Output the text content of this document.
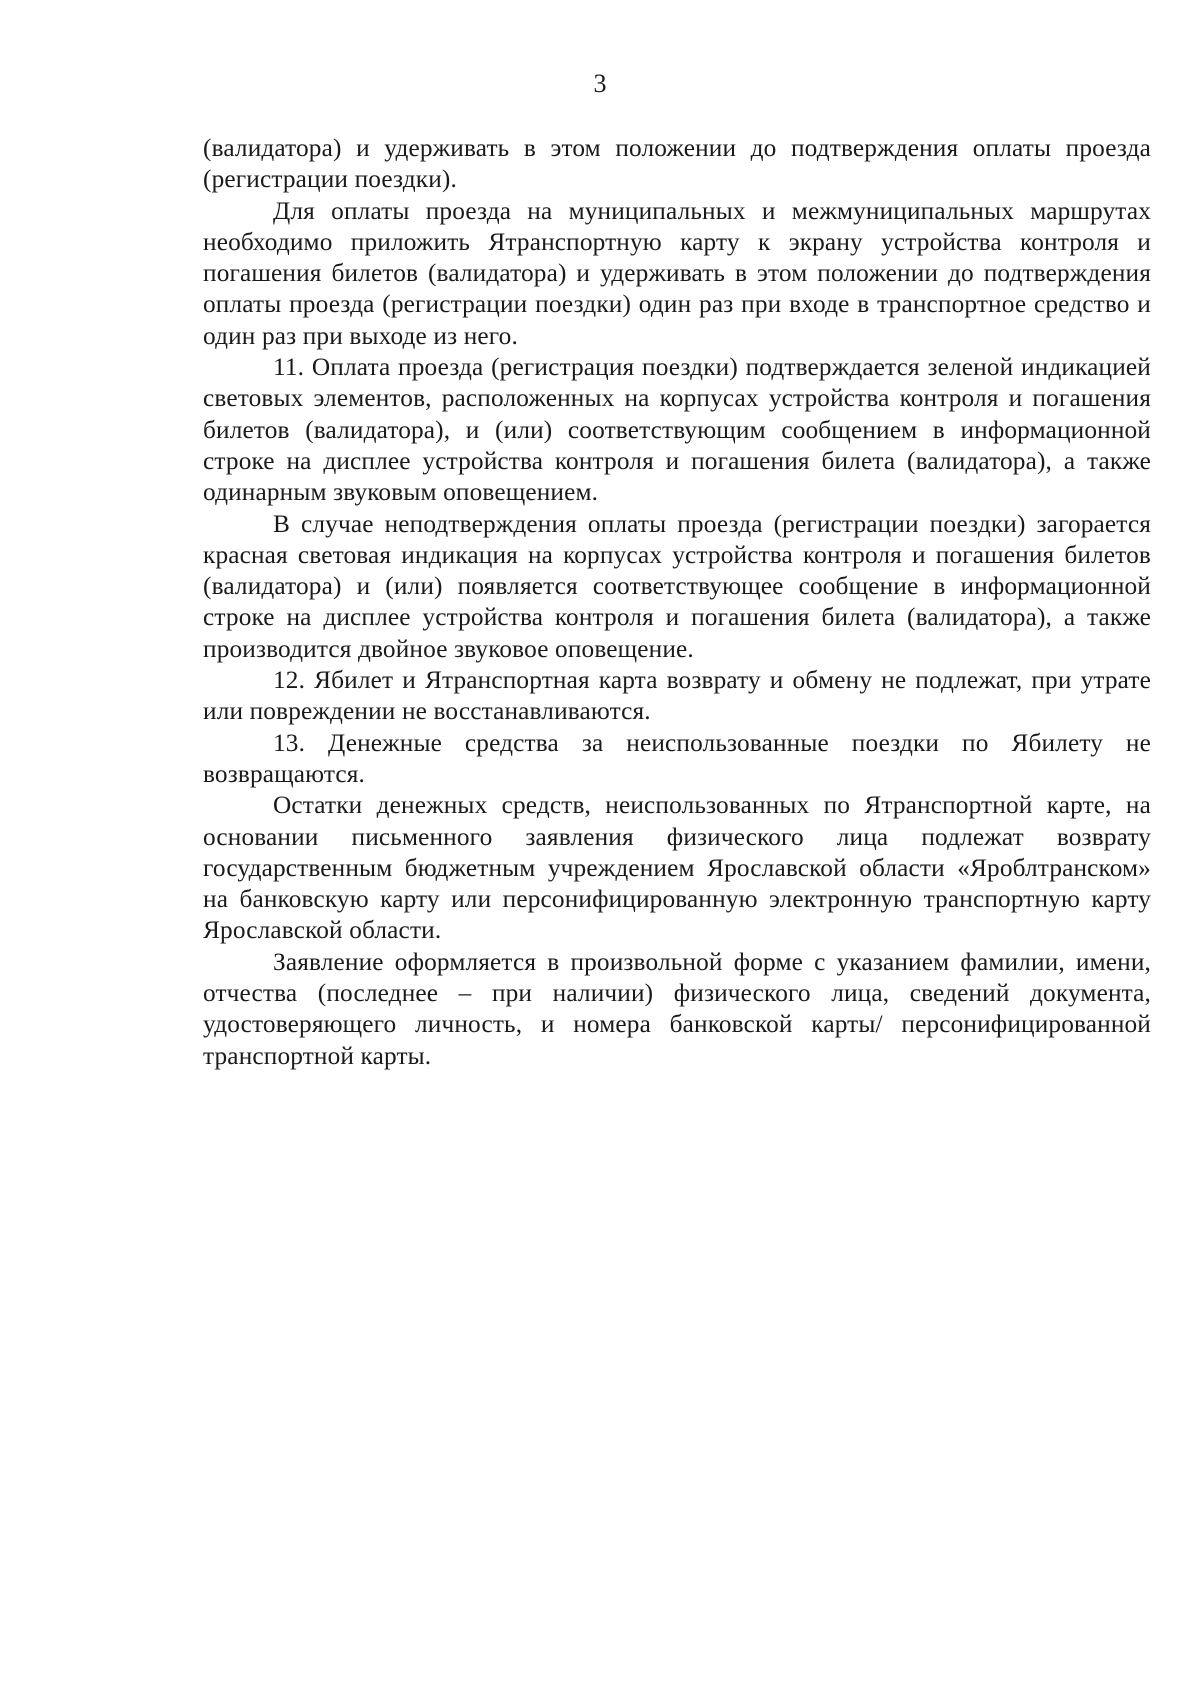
3

(валидатора) и удерживать в этом положении до подтверждения оплаты проезда (регистрации поездки).

Для оплаты проезда на муниципальных и межмуниципальных маршрутах необходимо приложить Ятранспортную карту к экрану устройства контроля и погашения билетов (валидатора) и удерживать в этом положении до подтверждения оплаты проезда (регистрации поездки) один раз при входе в транспортное средство и один раз при выходе из него.

11. Оплата проезда (регистрация поездки) подтверждается зеленой индикацией световых элементов, расположенных на корпусах устройства контроля и погашения билетов (валидатора), и (или) соответствующим сообщением в информационной строке на дисплее устройства контроля и погашения билета (валидатора), а также одинарным звуковым оповещением.

В случае неподтверждения оплаты проезда (регистрации поездки) загорается красная световая индикация на корпусах устройства контроля и погашения билетов (валидатора) и (или) появляется соответствующее сообщение в информационной строке на дисплее устройства контроля и погашения билета (валидатора), а также производится двойное звуковое оповещение.

12. Ябилет и Ятранспортная карта возврату и обмену не подлежат, при утрате или повреждении не восстанавливаются.

13. Денежные средства за неиспользованные поездки по Ябилету не возвращаются.

Остатки денежных средств, неиспользованных по Ятранспортной карте, на основании письменного заявления физического лица подлежат возврату государственным бюджетным учреждением Ярославской области «Яроблтранском» на банковскую карту или персонифицированную электронную транспортную карту Ярославской области.

Заявление оформляется в произвольной форме с указанием фамилии, имени, отчества (последнее – при наличии) физического лица, сведений документа, удостоверяющего личность, и номера банковской карты/ персонифицированной транспортной карты.
